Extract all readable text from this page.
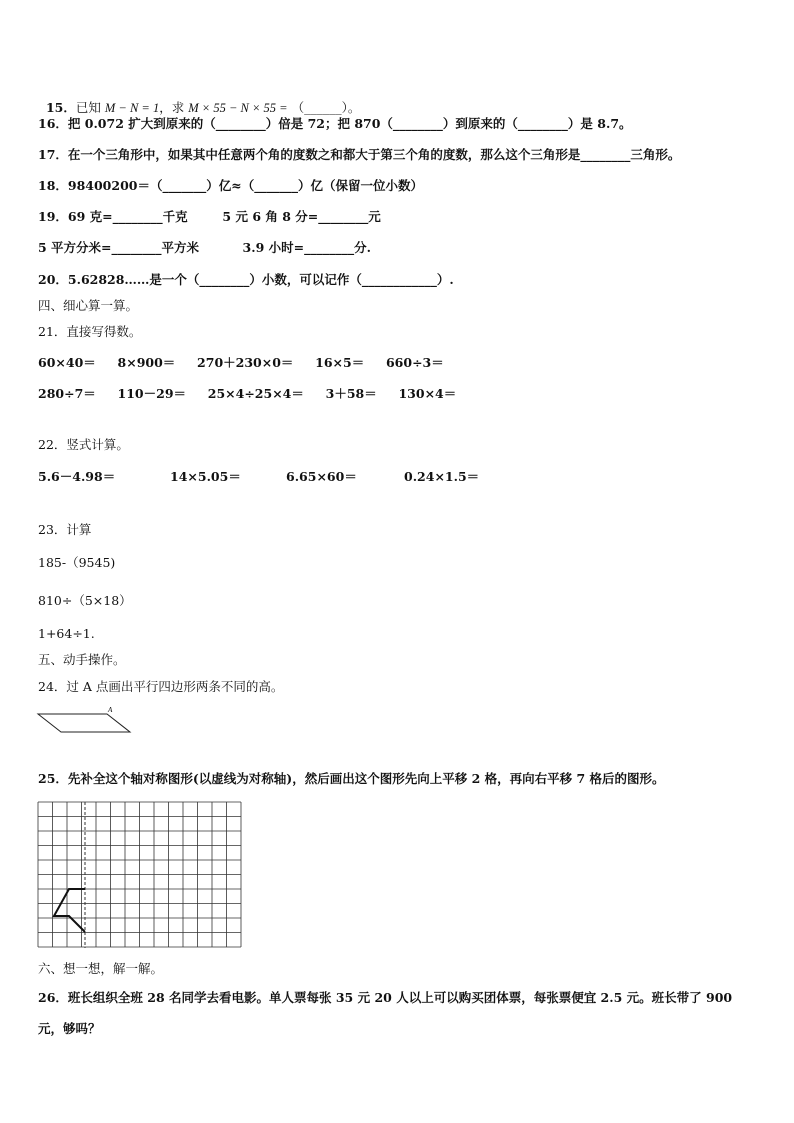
15．已知 M − N = 1，求 M × 55 − N × 55 = （______）。

16．把 0.072 扩大到原来的（________）倍是 72；把 870（________）到原来的（________）是 8.7。
17．在一个三角形中，如果其中任意两个角的度数之和都大于第三个角的度数，那么这个三角形是________三角形。
18．98400200＝（_______）亿≈（_______）亿（保留一位小数）
19．69 克=________千克        5 元 6 角 8 分=________元
5 平方分米=________平方米          3.9 小时=________分.
20．5.62828……是一个（________）小数，可以记作（____________）.
四、细心算一算。
21．直接写得数。
60×40＝     8×900＝     270＋230×0＝     16×5＝     660÷3＝
280÷7＝     110－29＝     25×4÷25×4＝     3＋58＝     130×4＝
22．竖式计算。
5.6－4.98＝	14×5.05＝	6.65×60＝	0.24×1.5＝
23．计算
185-（9545)
810÷（5×18）
1+64÷1.
五、动手操作。
24．过 A 点画出平行四边形两条不同的高。
A
25．先补全这个轴对称图形(以虚线为对称轴)，然后画出这个图形先向上平移 2 格，再向右平移 7 格后的图形。
六、想一想，解一解。
26．班长组织全班 28 名同学去看电影。单人票每张 35 元 20 人以上可以购买团体票，每张票便宜 2.5 元。班长带了 900
元，够吗？
